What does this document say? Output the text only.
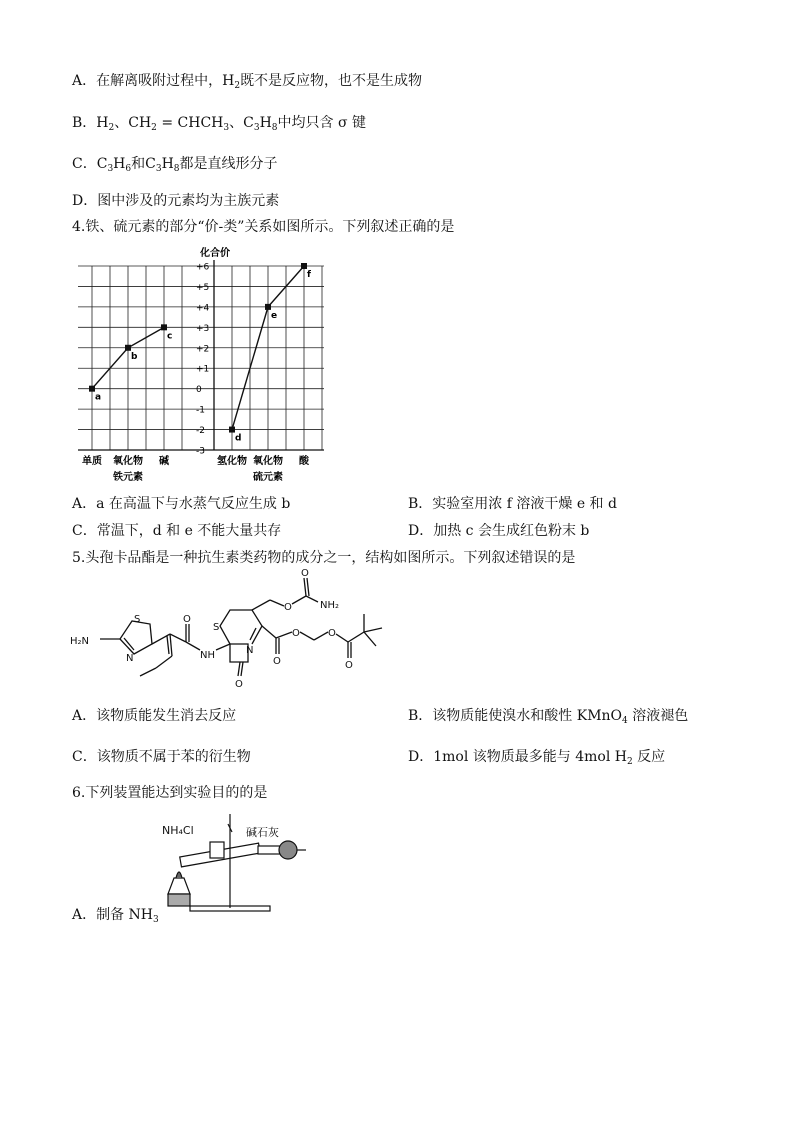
A．在解离吸附过程中，$H_2$既不是反应物，也不是生成物
B．$H_2$、$CH_2$ = $CHCH_3$、$C_3H_8$中均只含 σ 键
C．$C_3H_6$和$C_3H_8$都是直线形分子
D．图中涉及的元素均为主族元素
4.铁、硫元素的部分“价-类”关系如图所示。下列叙述正确的是
+6
+5
+4
+3
+2
+1
0
-1
-2
-3
a
b
c
d
e
f
化合价
单质 氧化物 碱
铁元素
氢化物 氧化物 酸
硫元素
A．a 在高温下与水蒸气反应生成 b	B．实验室用浓 f 溶液干燥 e 和 d
C．常温下，d 和 e 不能大量共存	D．加热 c 会生成红色粉末 b
5.头孢卡品酯是一种抗生素类药物的成分之一，结构如图所示。下列叙述错误的是
H₂N
S
N
O
NH
O
N
S
O
O
NH₂
O
O	O
O
A．该物质能发生消去反应	B．该物质能使溴水和酸性 KMnO$_4$ 溶液褪色
C．该物质不属于苯的衍生物	D．1mol 该物质最多能与 4mol $H_2$ 反应
6.下列装置能达到实验目的的是
NH₄Cl	碱石灰
A．制备 $NH_3$
